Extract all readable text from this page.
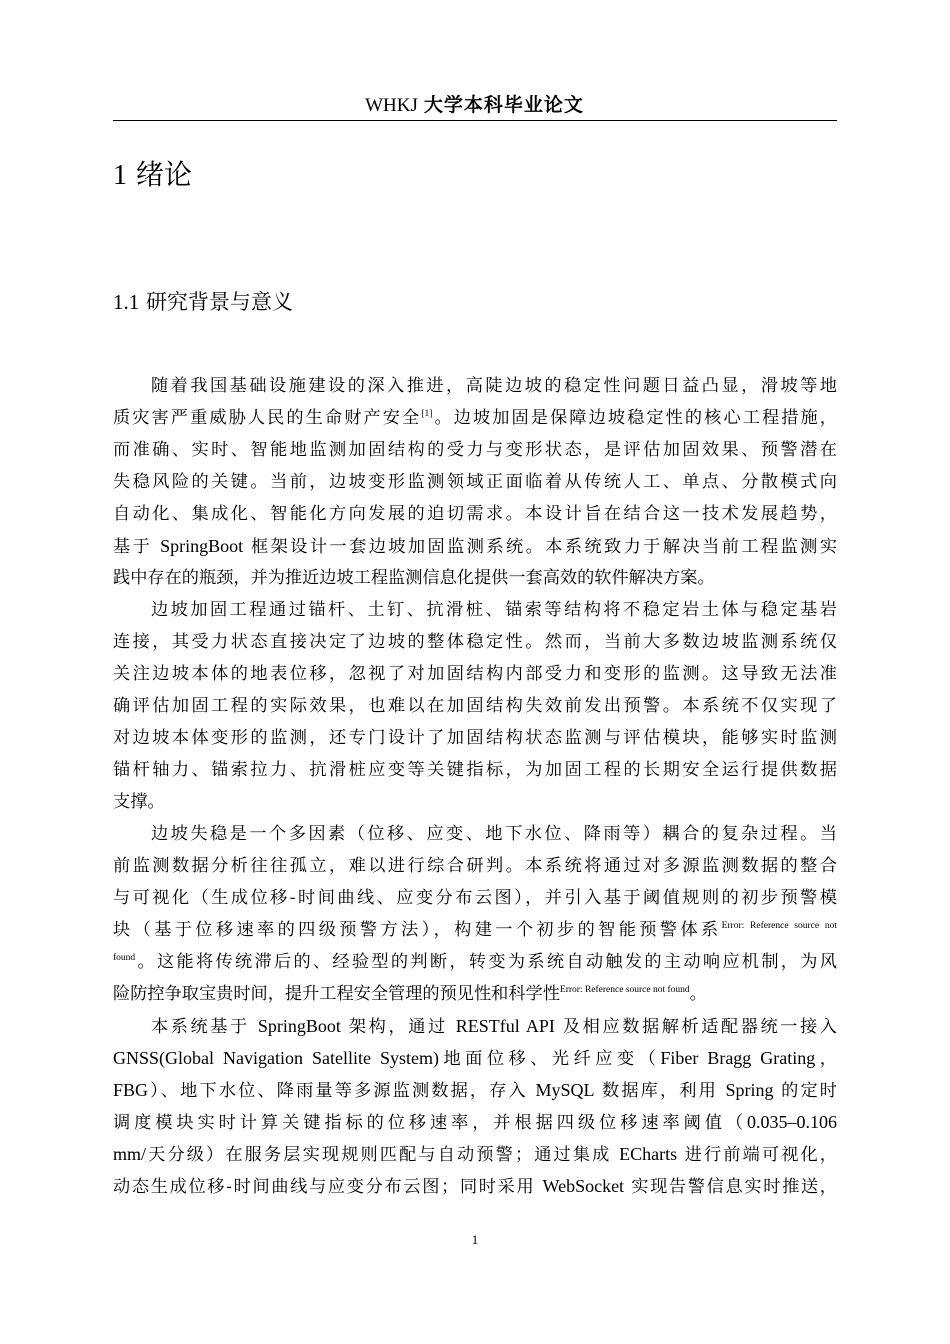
WHKJ 大学本科毕业论文
1 绪论
1.1 研究背景与意义
随着我国基础设施建设的深入推进，高陡边坡的稳定性问题日益凸显，滑坡等地
质灾害严重威胁人民的生命财产安全[1]。边坡加固是保障边坡稳定性的核心工程措施，
而准确、实时、智能地监测加固结构的受力与变形状态，是评估加固效果、预警潜在
失稳风险的关键。当前，边坡变形监测领域正面临着从传统人工、单点、分散模式向
自动化、集成化、智能化方向发展的迫切需求。本设计旨在结合这一技术发展趋势，
基于 SpringBoot 框架设计一套边坡加固监测系统。本系统致力于解决当前工程监测实
践中存在的瓶颈，并为推近边坡工程监测信息化提供一套高效的软件解决方案。
边坡加固工程通过锚杆、土钉、抗滑桩、锚索等结构将不稳定岩土体与稳定基岩
连接，其受力状态直接决定了边坡的整体稳定性。然而，当前大多数边坡监测系统仅
关注边坡本体的地表位移，忽视了对加固结构内部受力和变形的监测。这导致无法准
确评估加固工程的实际效果，也难以在加固结构失效前发出预警。本系统不仅实现了
对边坡本体变形的监测，还专门设计了加固结构状态监测与评估模块，能够实时监测
锚杆轴力、锚索拉力、抗滑桩应变等关键指标，为加固工程的长期安全运行提供数据
支撑。
边坡失稳是一个多因素（位移、应变、地下水位、降雨等）耦合的复杂过程。当
前监测数据分析往往孤立，难以进行综合研判。本系统将通过对多源监测数据的整合
与可视化（生成位移-时间曲线、应变分布云图），并引入基于阈值规则的初步预警模
块（基于位移速率的四级预警方法），构建一个初步的智能预警体系$^{Error: Reference source not}$
$^{found}$。这能将传统滞后的、经验型的判断，转变为系统自动触发的主动响应机制，为风
险防控争取宝贵时间，提升工程安全管理的预见性和科学性$^{Error: Reference source not found}$。
本系统基于 SpringBoot 架构，通过 RESTful API 及相应数据解析适配器统一接入
GNSS(Global Navigation Satellite System)地面位移、光纤应变（Fiber Bragg Grating，
FBG）、地下水位、降雨量等多源监测数据，存入 MySQL 数据库，利用 Spring 的定时
调度模块实时计算关键指标的位移速率，并根据四级位移速率阈值（0.035–0.106
mm/天分级）在服务层实现规则匹配与自动预警；通过集成 ECharts 进行前端可视化，
动态生成位移-时间曲线与应变分布云图；同时采用 WebSocket 实现告警信息实时推送，
1
